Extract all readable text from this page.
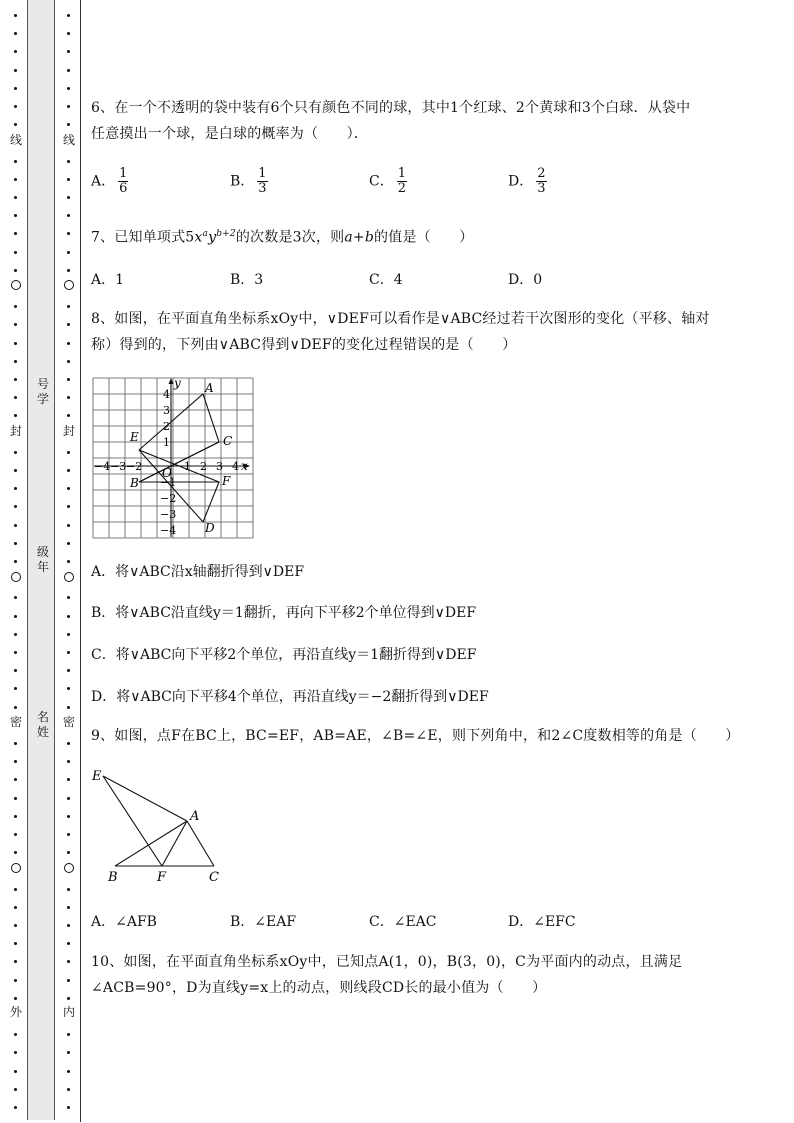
线
封
密
外
线
封
密
内
号
学
级
年
名
姓
6、在一个不透明的袋中装有6个只有颜色不同的球，其中1个红球、2个黄球和3个白球．从袋中
任意摸出一个球，是白球的概率为（　　）．
A． $\frac{1}{6}$	B． $\frac{1}{3}$	C． $\frac{1}{2}$	D． $\frac{2}{3}$
7、已知单项式$5x^ay^{b+2}$的次数是3次，则a+b的值是（　　）
A．1	B．3	C．4	D．0
8、如图，在平面直角坐标系xOy中，∨DEF可以看作是∨ABC经过若干次图形的变化（平移、轴对
称）得到的，下列由∨ABC得到∨DEF的变化过程错误的是（　　）
y
x
O
−4 −3 −2	1 2 3 4
4
3
2
1
−1
−2
−3
−4
A
B
C
D
E
F
A．将∨ABC沿x轴翻折得到∨DEF
B．将∨ABC沿直线y＝1翻折，再向下平移2个单位得到∨DEF
C．将∨ABC向下平移2个单位，再沿直线y＝1翻折得到∨DEF
D．将∨ABC向下平移4个单位，再沿直线y＝−2翻折得到∨DEF
9、如图，点F在BC上，BC=EF，AB=AE，∠B=∠E，则下列角中，和2∠C度数相等的角是（　　）
E
A
B	F	C
A．∠AFB	B．∠EAF	C．∠EAC	D．∠EFC
10、如图，在平面直角坐标系xOy中，已知点A(1，0)，B(3，0)，C为平面内的动点，且满足
∠ACB=90°，D为直线y=x上的动点，则线段CD长的最小值为（　　）
